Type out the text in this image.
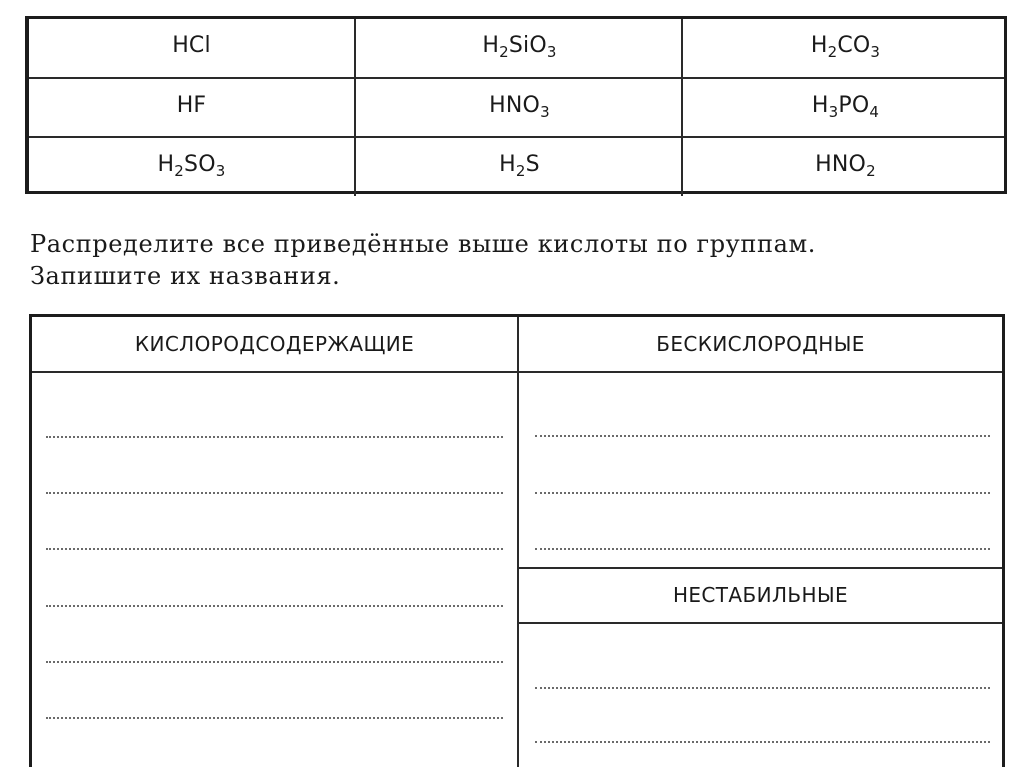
HCl	$H_2SiO_3$	$H_2CO_3$
HF	$HNO_3$	$H_3PO_4$
$H_2SO_3$	$H_2S$	$HNO_2$
Распределите все приведённые выше кислоты по группам.
Запишите их названия.
КИСЛОРОДСОДЕРЖАЩИЕ	БЕСКИСЛОРОДНЫЕ
НЕСТАБИЛЬНЫЕ
